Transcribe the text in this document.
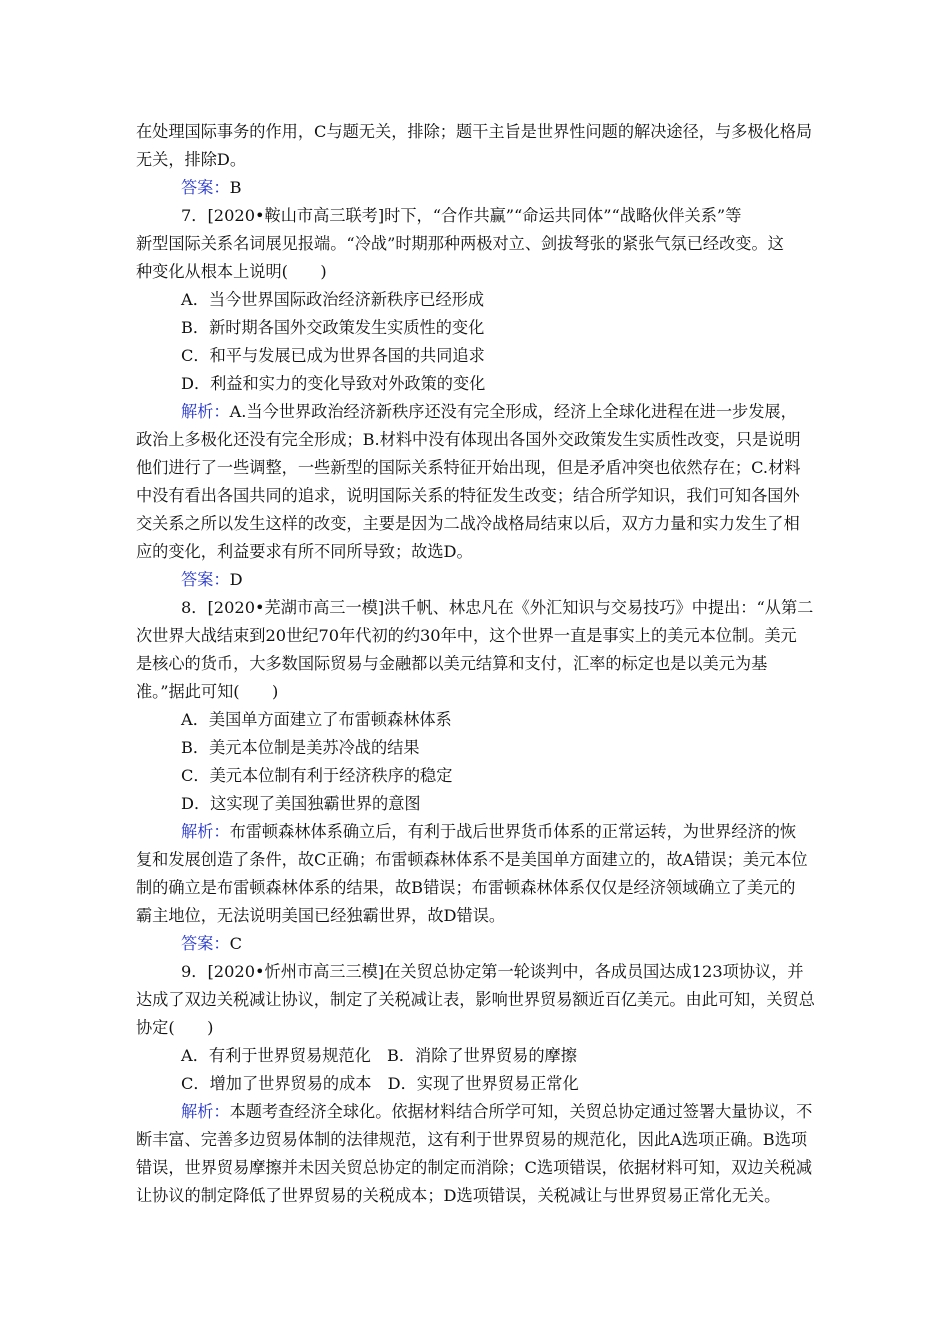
在处理国际事务的作用，C与题无关，排除；题干主旨是世界性问题的解决途径，与多极化格局
无关，排除D。
答案：B
7．[2020•鞍山市高三联考]时下，“合作共赢”“命运共同体”“战略伙伴关系”等
新型国际关系名词展见报端。“冷战”时期那种两极对立、剑拔弩张的紧张气氛已经改变。这
种变化从根本上说明(　　)
A．当今世界国际政治经济新秩序已经形成
B．新时期各国外交政策发生实质性的变化
C．和平与发展已成为世界各国的共同追求
D．利益和实力的变化导致对外政策的变化
解析：A.当今世界政治经济新秩序还没有完全形成，经济上全球化进程在进一步发展，
政治上多极化还没有完全形成；B.材料中没有体现出各国外交政策发生实质性改变，只是说明
他们进行了一些调整，一些新型的国际关系特征开始出现，但是矛盾冲突也依然存在；C.材料
中没有看出各国共同的追求，说明国际关系的特征发生改变；结合所学知识，我们可知各国外
交关系之所以发生这样的改变，主要是因为二战冷战格局结束以后，双方力量和实力发生了相
应的变化，利益要求有所不同所导致；故选D。
答案：D
8．[2020•芜湖市高三一模]洪千帆、林忠凡在《外汇知识与交易技巧》中提出：“从第二
次世界大战结束到20世纪70年代初的约30年中，这个世界一直是事实上的美元本位制。美元
是核心的货币，大多数国际贸易与金融都以美元结算和支付，汇率的标定也是以美元为基
准。”据此可知(　　)
A．美国单方面建立了布雷顿森林体系
B．美元本位制是美苏冷战的结果
C．美元本位制有利于经济秩序的稳定
D．这实现了美国独霸世界的意图
解析：布雷顿森林体系确立后，有利于战后世界货币体系的正常运转，为世界经济的恢
复和发展创造了条件，故C正确；布雷顿森林体系不是美国单方面建立的，故A错误；美元本位
制的确立是布雷顿森林体系的结果，故B错误；布雷顿森林体系仅仅是经济领域确立了美元的
霸主地位，无法说明美国已经独霸世界，故D错误。
答案：C
9．[2020•忻州市高三三模]在关贸总协定第一轮谈判中，各成员国达成123项协议，并
达成了双边关税减让协议，制定了关税减让表，影响世界贸易额近百亿美元。由此可知，关贸总
协定(　　)
A．有利于世界贸易规范化　B．消除了世界贸易的摩擦
C．增加了世界贸易的成本　D．实现了世界贸易正常化
解析：本题考查经济全球化。依据材料结合所学可知，关贸总协定通过签署大量协议，不
断丰富、完善多边贸易体制的法律规范，这有利于世界贸易的规范化，因此A选项正确。B选项
错误，世界贸易摩擦并未因关贸总协定的制定而消除；C选项错误，依据材料可知，双边关税减
让协议的制定降低了世界贸易的关税成本；D选项错误，关税减让与世界贸易正常化无关。
